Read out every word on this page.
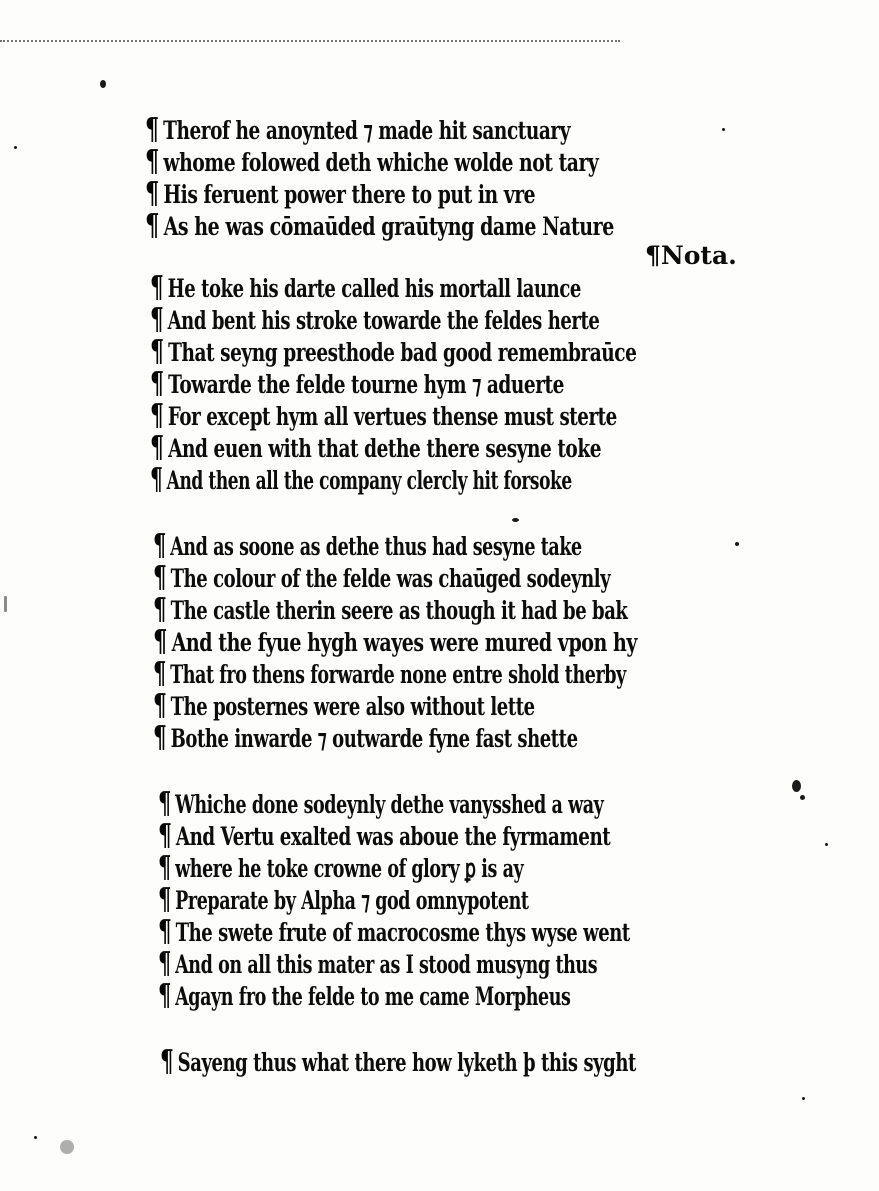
¶ Therof he anoynted ⁊ made hit sanctuary
¶ whome folowed deth whiche wolde not tary
¶ His feruent power there to put in vre
¶ As he was cōmaūded graūtyng dame Nature
¶Nota.
¶ He toke his darte called his mortall launce
¶ And bent his stroke towarde the feldes herte
¶ That seyng preesthode bad good remembraūce
¶ Towarde the felde tourne hym ⁊ aduerte
¶ For except hym all vertues thense must sterte
¶ And euen with that dethe there sesyne toke
¶ And then all the company clercly hit forsoke
¶ And as soone as dethe thus had sesyne take
¶ The colour of the felde was chaūged sodeynly
¶ The castle therin seere as though it had be bak
¶ And the fyue hygh wayes were mured vpon hy
¶ That fro thens forwarde none entre shold therby
¶ The posternes were also without lette
¶ Bothe inwarde ⁊ outwarde fyne fast shette
¶ Whiche done sodeynly dethe vanysshed a way
¶ And Vertu exalted was aboue the fyrmament
¶ where he toke crowne of glory ꝑ is ay
¶ Preparate by Alpha ⁊ god omnypotent
¶ The swete frute of macrocosme thys wyse went
¶ And on all this mater as I stood musyng thus
¶ Agayn fro the felde to me came Morpheus
¶ Sayeng thus what there how lyketh þ this syght
